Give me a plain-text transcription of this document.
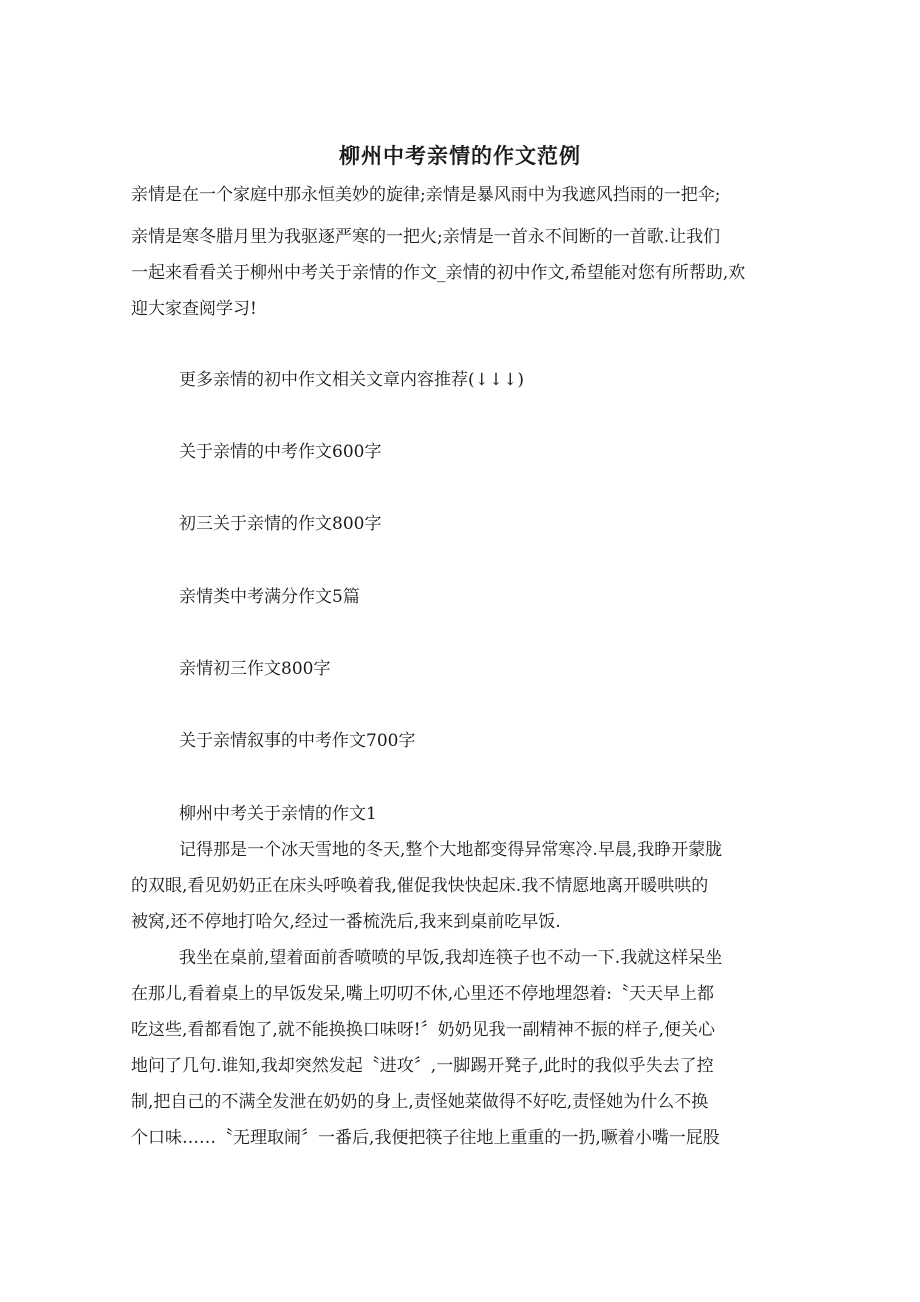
柳州中考亲情的作文范例
亲情是在一个家庭中那永恒美妙的旋律;亲情是暴风雨中为我遮风挡雨的一把伞;
亲情是寒冬腊月里为我驱逐严寒的一把火;亲情是一首永不间断的一首歌.让我们
一起来看看关于柳州中考关于亲情的作文_亲情的初中作文,希望能对您有所帮助,欢
迎大家查阅学习!
更多亲情的初中作文相关文章内容推荐(↓↓↓)
关于亲情的中考作文600字
初三关于亲情的作文800字
亲情类中考满分作文5篇
亲情初三作文800字
关于亲情叙事的中考作文700字
柳州中考关于亲情的作文1
记得那是一个冰天雪地的冬天,整个大地都变得异常寒冷.早晨,我睁开蒙胧
的双眼,看见奶奶正在床头呼唤着我,催促我快快起床.我不情愿地离开暖哄哄的
被窝,还不停地打哈欠,经过一番梳洗后,我来到桌前吃早饭.
我坐在桌前,望着面前香喷喷的早饭,我却连筷子也不动一下.我就这样呆坐
在那儿,看着桌上的早饭发呆,嘴上叨叨不休,心里还不停地埋怨着:〝天天早上都
吃这些,看都看饱了,就不能换换口味呀!〞奶奶见我一副精神不振的样子,便关心
地问了几句.谁知,我却突然发起〝进攻〞,一脚踢开凳子,此时的我似乎失去了控
制,把自己的不满全发泄在奶奶的身上,责怪她菜做得不好吃,责怪她为什么不换
个口味……〝无理取闹〞一番后,我便把筷子往地上重重的一扔,噘着小嘴一屁股
